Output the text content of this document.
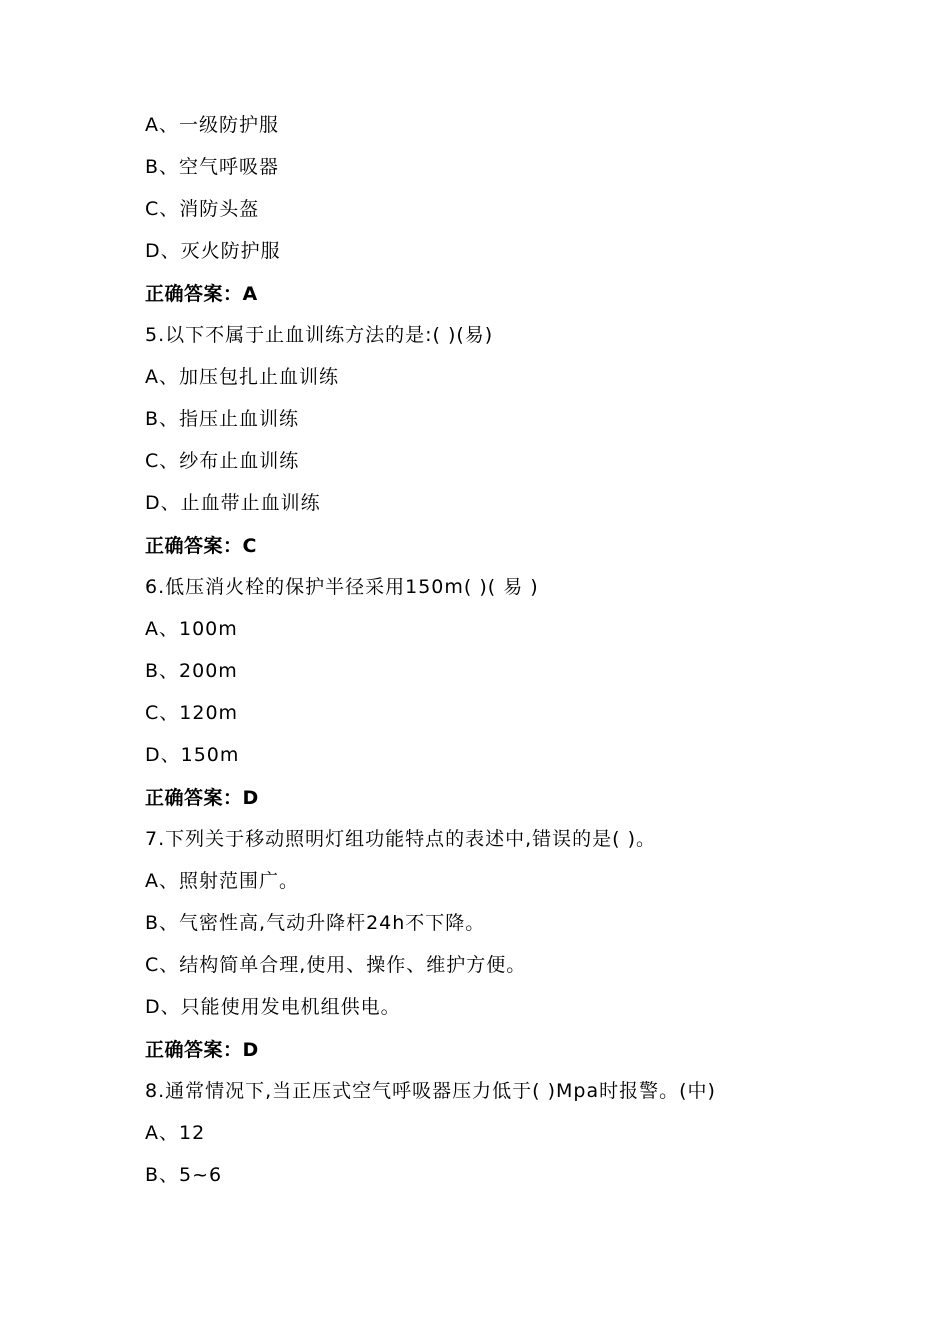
A、一级防护服
B、空气呼吸器
C、消防头盔
D、灭火防护服
正确答案：A
5.以下不属于止血训练方法的是:( )(易)
A、加压包扎止血训练
B、指压止血训练
C、纱布止血训练
D、止血带止血训练
正确答案：C
6.低压消火栓的保护半径采用150m( )( 易 )
A、100m
B、200m
C、120m
D、150m
正确答案：D
7.下列关于移动照明灯组功能特点的表述中,错误的是( )。
A、照射范围广。
B、气密性高,气动升降杆24h不下降。
C、结构简单合理,使用、操作、维护方便。
D、只能使用发电机组供电。
正确答案：D
8.通常情况下,当正压式空气呼吸器压力低于( )Mpa时报警。(中)
A、12
B、5~6
